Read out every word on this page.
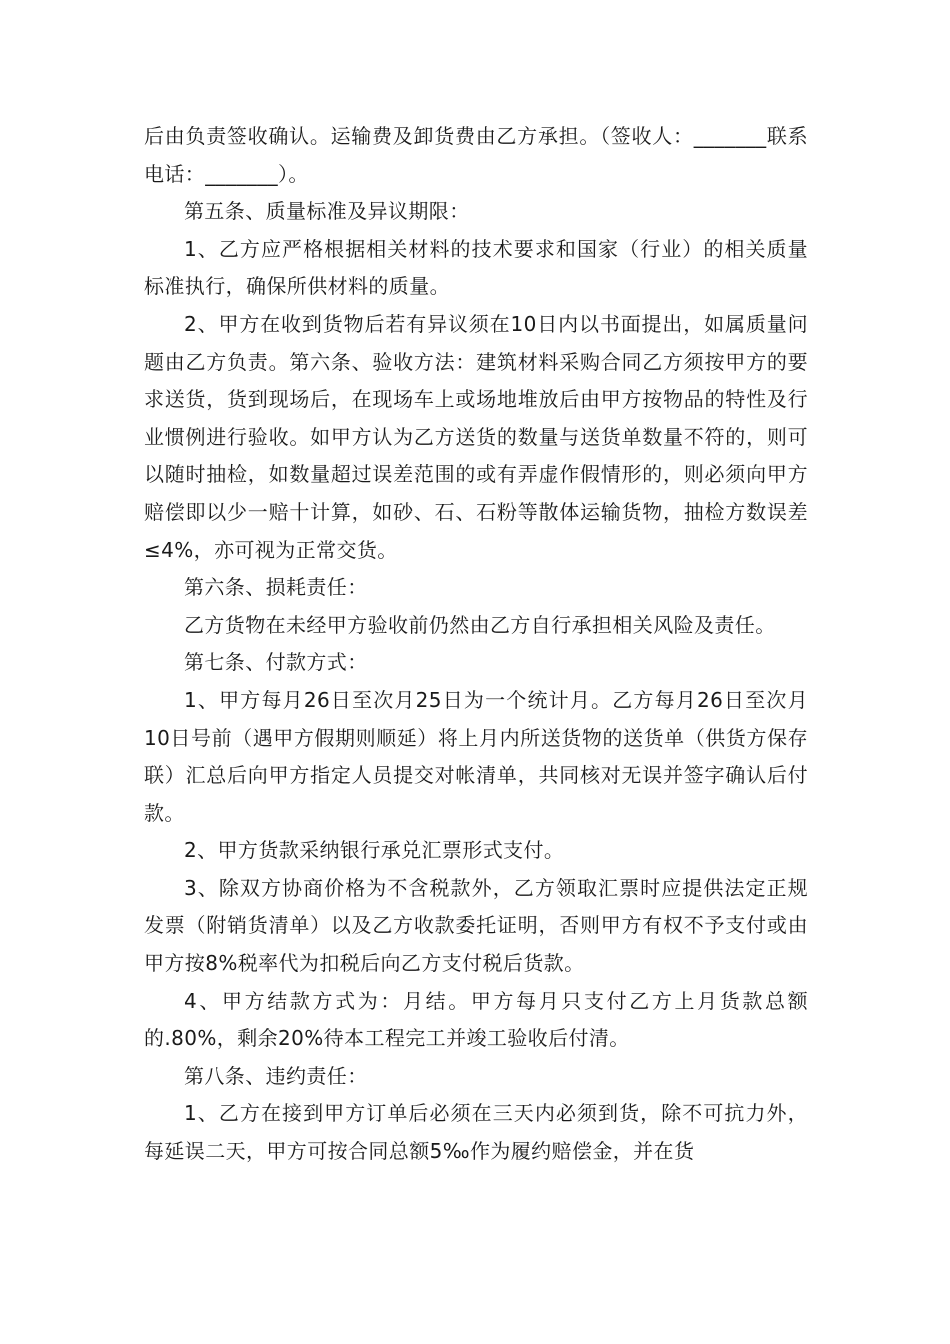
后由负责签收确认。运输费及卸货费由乙方承担。（签收人：_______联系电话：_______）。

第五条、质量标准及异议期限：

1、乙方应严格根据相关材料的技术要求和国家（行业）的相关质量标准执行，确保所供材料的质量。

2、甲方在收到货物后若有异议须在10日内以书面提出，如属质量问题由乙方负责。第六条、验收方法：建筑材料采购合同乙方须按甲方的要求送货，货到现场后，在现场车上或场地堆放后由甲方按物品的特性及行业惯例进行验收。如甲方认为乙方送货的数量与送货单数量不符的，则可以随时抽检，如数量超过误差范围的或有弄虚作假情形的，则必须向甲方赔偿即以少一赔十计算，如砂、石、石粉等散体运输货物，抽检方数误差≤4%，亦可视为正常交货。

第六条、损耗责任：

乙方货物在未经甲方验收前仍然由乙方自行承担相关风险及责任。

第七条、付款方式：

1、甲方每月26日至次月25日为一个统计月。乙方每月26日至次月10日号前（遇甲方假期则顺延）将上月内所送货物的送货单（供货方保存联）汇总后向甲方指定人员提交对帐清单，共同核对无误并签字确认后付款。

2、甲方货款采纳银行承兑汇票形式支付。

3、除双方协商价格为不含税款外，乙方领取汇票时应提供法定正规发票（附销货清单）以及乙方收款委托证明，否则甲方有权不予支付或由甲方按8%税率代为扣税后向乙方支付税后货款。

4、甲方结款方式为：月结。甲方每月只支付乙方上月货款总额的.80%，剩余20%待本工程完工并竣工验收后付清。

第八条、违约责任：

1、乙方在接到甲方订单后必须在三天内必须到货，除不可抗力外，每延误二天，甲方可按合同总额5‰作为履约赔偿金，并在货
